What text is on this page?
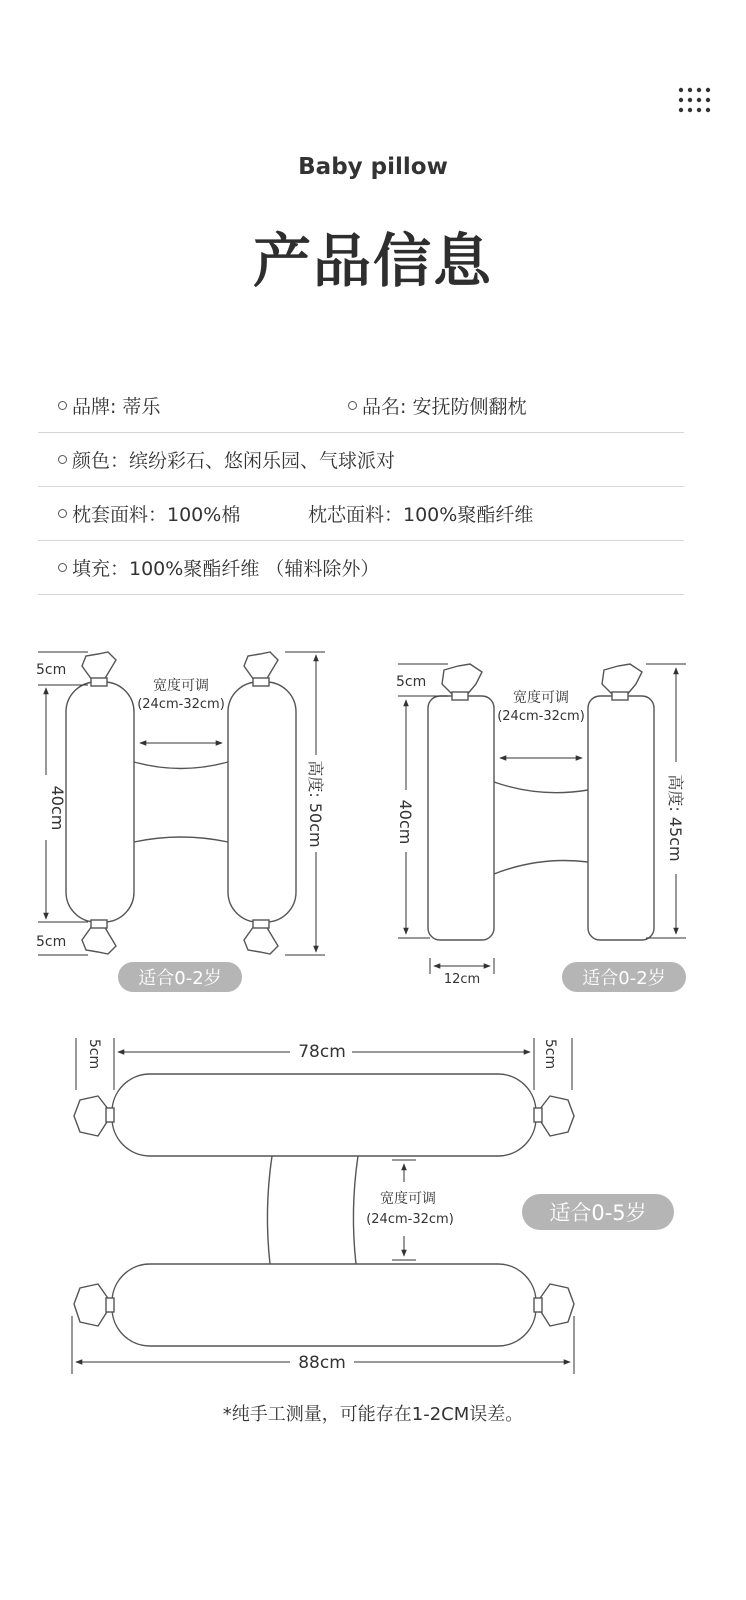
Baby pillow
产品信息
品牌: 蒂乐	品名: 安抚防侧翻枕
颜色：缤纷彩石、悠闲乐园、气球派对
枕套面料：100%棉	枕芯面料：100%聚酯纤维
填充：100%聚酯纤维 （辅料除外）
5cm
5cm
40cm	高度: 50cm
宽度可调
(24cm-32cm)
适合0-2岁
5cm
40cm	高度: 45cm
宽度可调
(24cm-32cm)
12cm	适合0-2岁
5cm	78cm	5cm
宽度可调
(24cm-32cm)
88cm
适合0-5岁
*纯手工测量，可能存在1-2CM误差。
